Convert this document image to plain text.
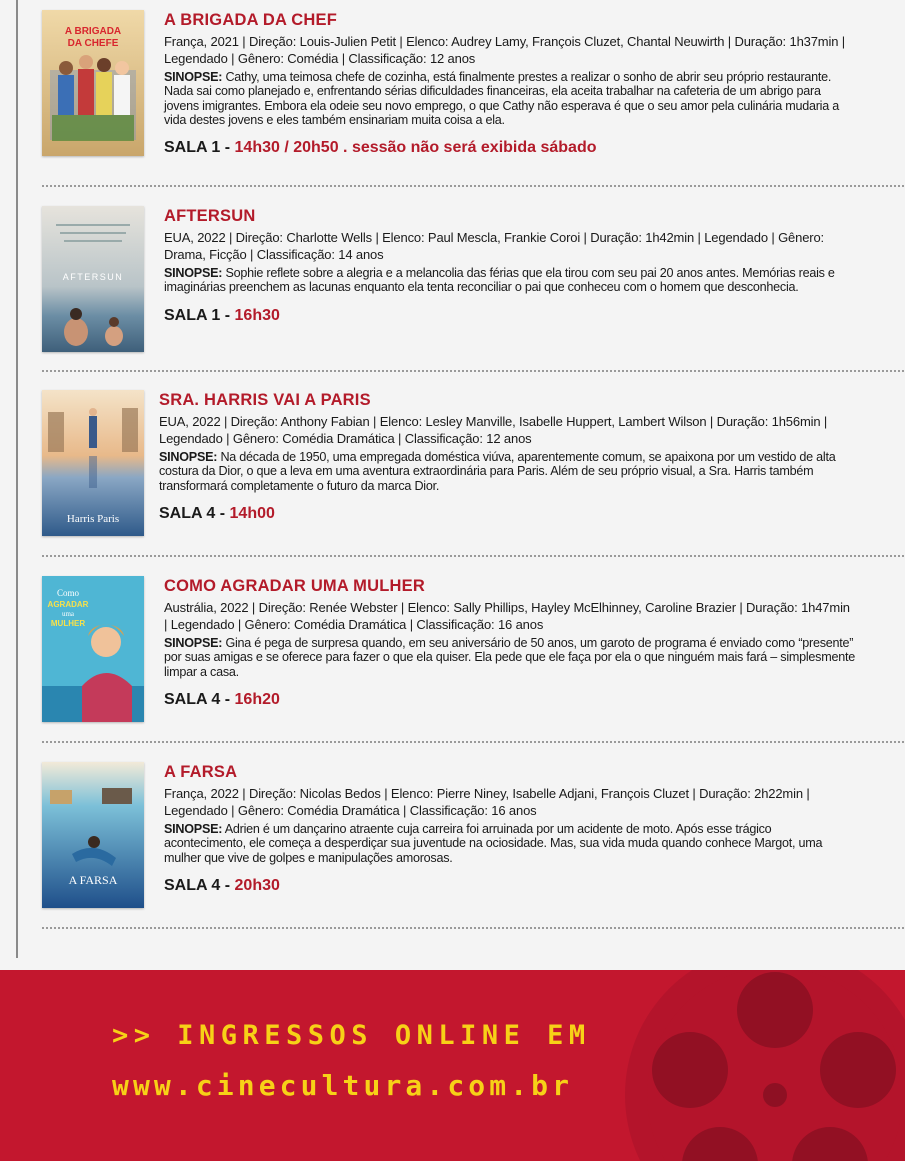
A BRIGADA
DA CHEFE
A BRIGADA DA CHEF
França, 2021 | Direção: Louis-Julien Petit | Elenco: Audrey Lamy, François Cluzet, Chantal Neuwirth | Duração: 1h37min | Legendado | Gênero: Comédia | Classificação: 12 anos
SINOPSE: Cathy, uma teimosa chefe de cozinha, está finalmente prestes a realizar o sonho de abrir seu próprio restaurante. Nada sai como planejado e, enfrentando sérias dificuldades financeiras, ela aceita trabalhar na cafeteria de um abrigo para jovens imigrantes. Embora ela odeie seu novo emprego, o que Cathy não esperava é que o seu amor pela culinária mudaria a vida destes jovens e eles também ensinariam muita coisa a ela.
SALA 1 - 14h30 / 20h50 . sessão não será exibida sábado
AFTERSUN
AFTERSUN
EUA, 2022 | Direção: Charlotte Wells | Elenco: Paul Mescla, Frankie Coroi | Duração: 1h42min | Legendado | Gênero: Drama, Ficção | Classificação: 14 anos
SINOPSE: Sophie reflete sobre a alegria e a melancolia das férias que ela tirou com seu pai 20 anos antes. Memórias reais e imaginárias preenchem as lacunas enquanto ela tenta reconciliar o pai que conheceu com o homem que desconhecia.
SALA 1 - 16h30
Harris Paris
SRA. HARRIS VAI A PARIS
EUA, 2022 | Direção: Anthony Fabian | Elenco: Lesley Manville, Isabelle Huppert, Lambert Wilson | Duração: 1h56min | Legendado | Gênero: Comédia Dramática | Classificação: 12 anos
SINOPSE: Na década de 1950, uma empregada doméstica viúva, aparentemente comum, se apaixona por um vestido de alta costura da Dior, o que a leva em uma aventura extraordinária para Paris. Além de seu próprio visual, a Sra. Harris também transformará completamente o futuro da marca Dior.
SALA 4 - 14h00
Como
AGRADAR
uma
MULHER
COMO AGRADAR UMA MULHER
Austrália, 2022 | Direção: Renée Webster | Elenco: Sally Phillips, Hayley McElhinney, Caroline Brazier | Duração: 1h47min | Legendado | Gênero: Comédia Dramática | Classificação: 16 anos
SINOPSE: Gina é pega de surpresa quando, em seu aniversário de 50 anos, um garoto de programa é enviado como “presente” por suas amigas e se oferece para fazer o que ela quiser. Ela pede que ele faça por ela o que ninguém mais fará – simplesmente limpar a casa.
SALA 4 - 16h20
A FARSA
A FARSA
França, 2022 | Direção: Nicolas Bedos | Elenco: Pierre Niney, Isabelle Adjani, François Cluzet | Duração: 2h22min | Legendado | Gênero: Comédia Dramática | Classificação: 16 anos
SINOPSE: Adrien é um dançarino atraente cuja carreira foi arruinada por um acidente de moto. Após esse trágico acontecimento, ele começa a desperdiçar sua juventude na ociosidade. Mas, sua vida muda quando conhece Margot, uma mulher que vive de golpes e manipulações amorosas.
SALA 4 - 20h30
>> INGRESSOS ONLINE EM
www.cinecultura.com.br
